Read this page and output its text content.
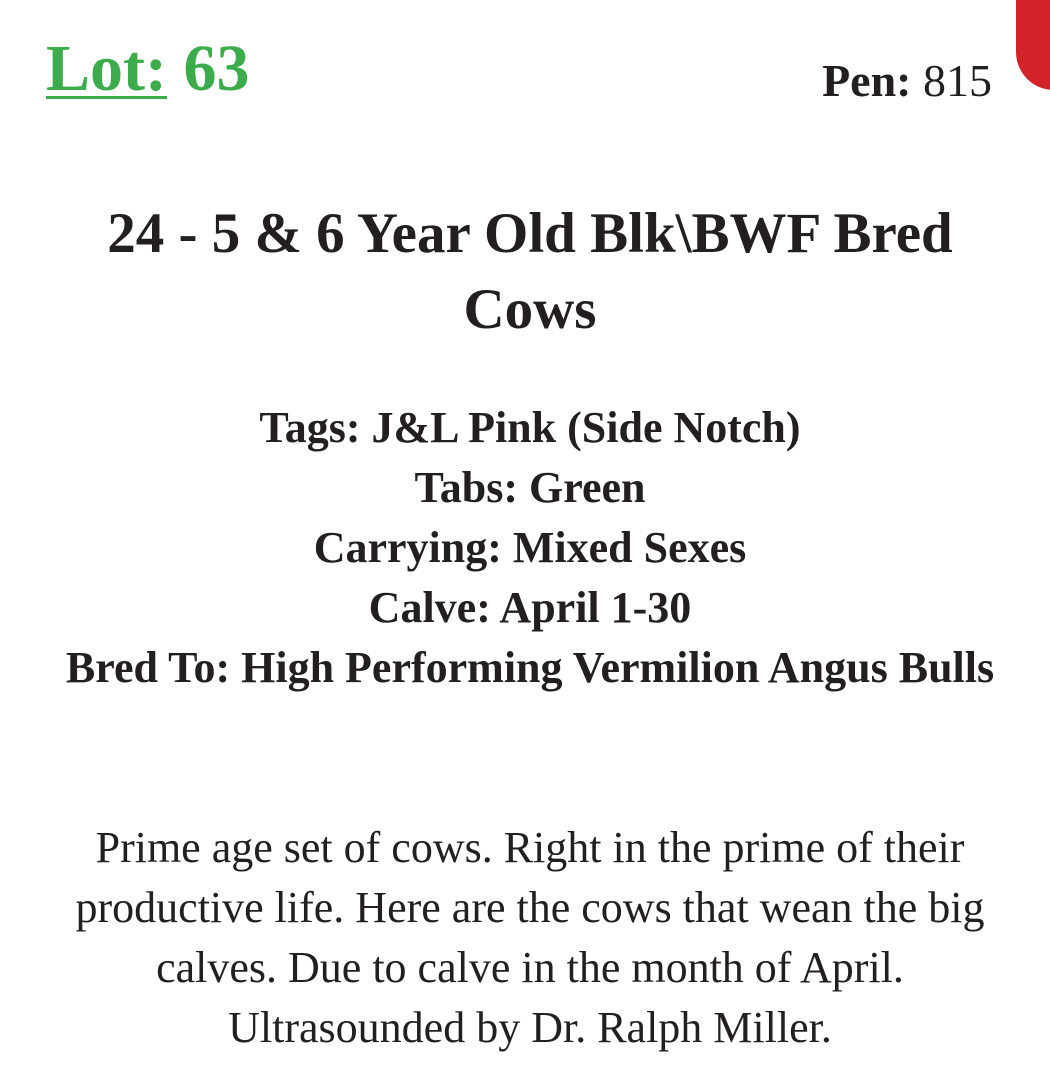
Lot: 63	Pen: 815
24 - 5 & 6 Year Old Blk\BWF Bred Cows
Tags: J&L Pink (Side Notch)
Tabs: Green
Carrying: Mixed Sexes
Calve: April 1-30
Bred To: High Performing Vermilion Angus Bulls

Prime age set of cows. Right in the prime of their productive life. Here are the cows that wean the big calves. Due to calve in the month of April. Ultrasounded by Dr. Ralph Miller.
